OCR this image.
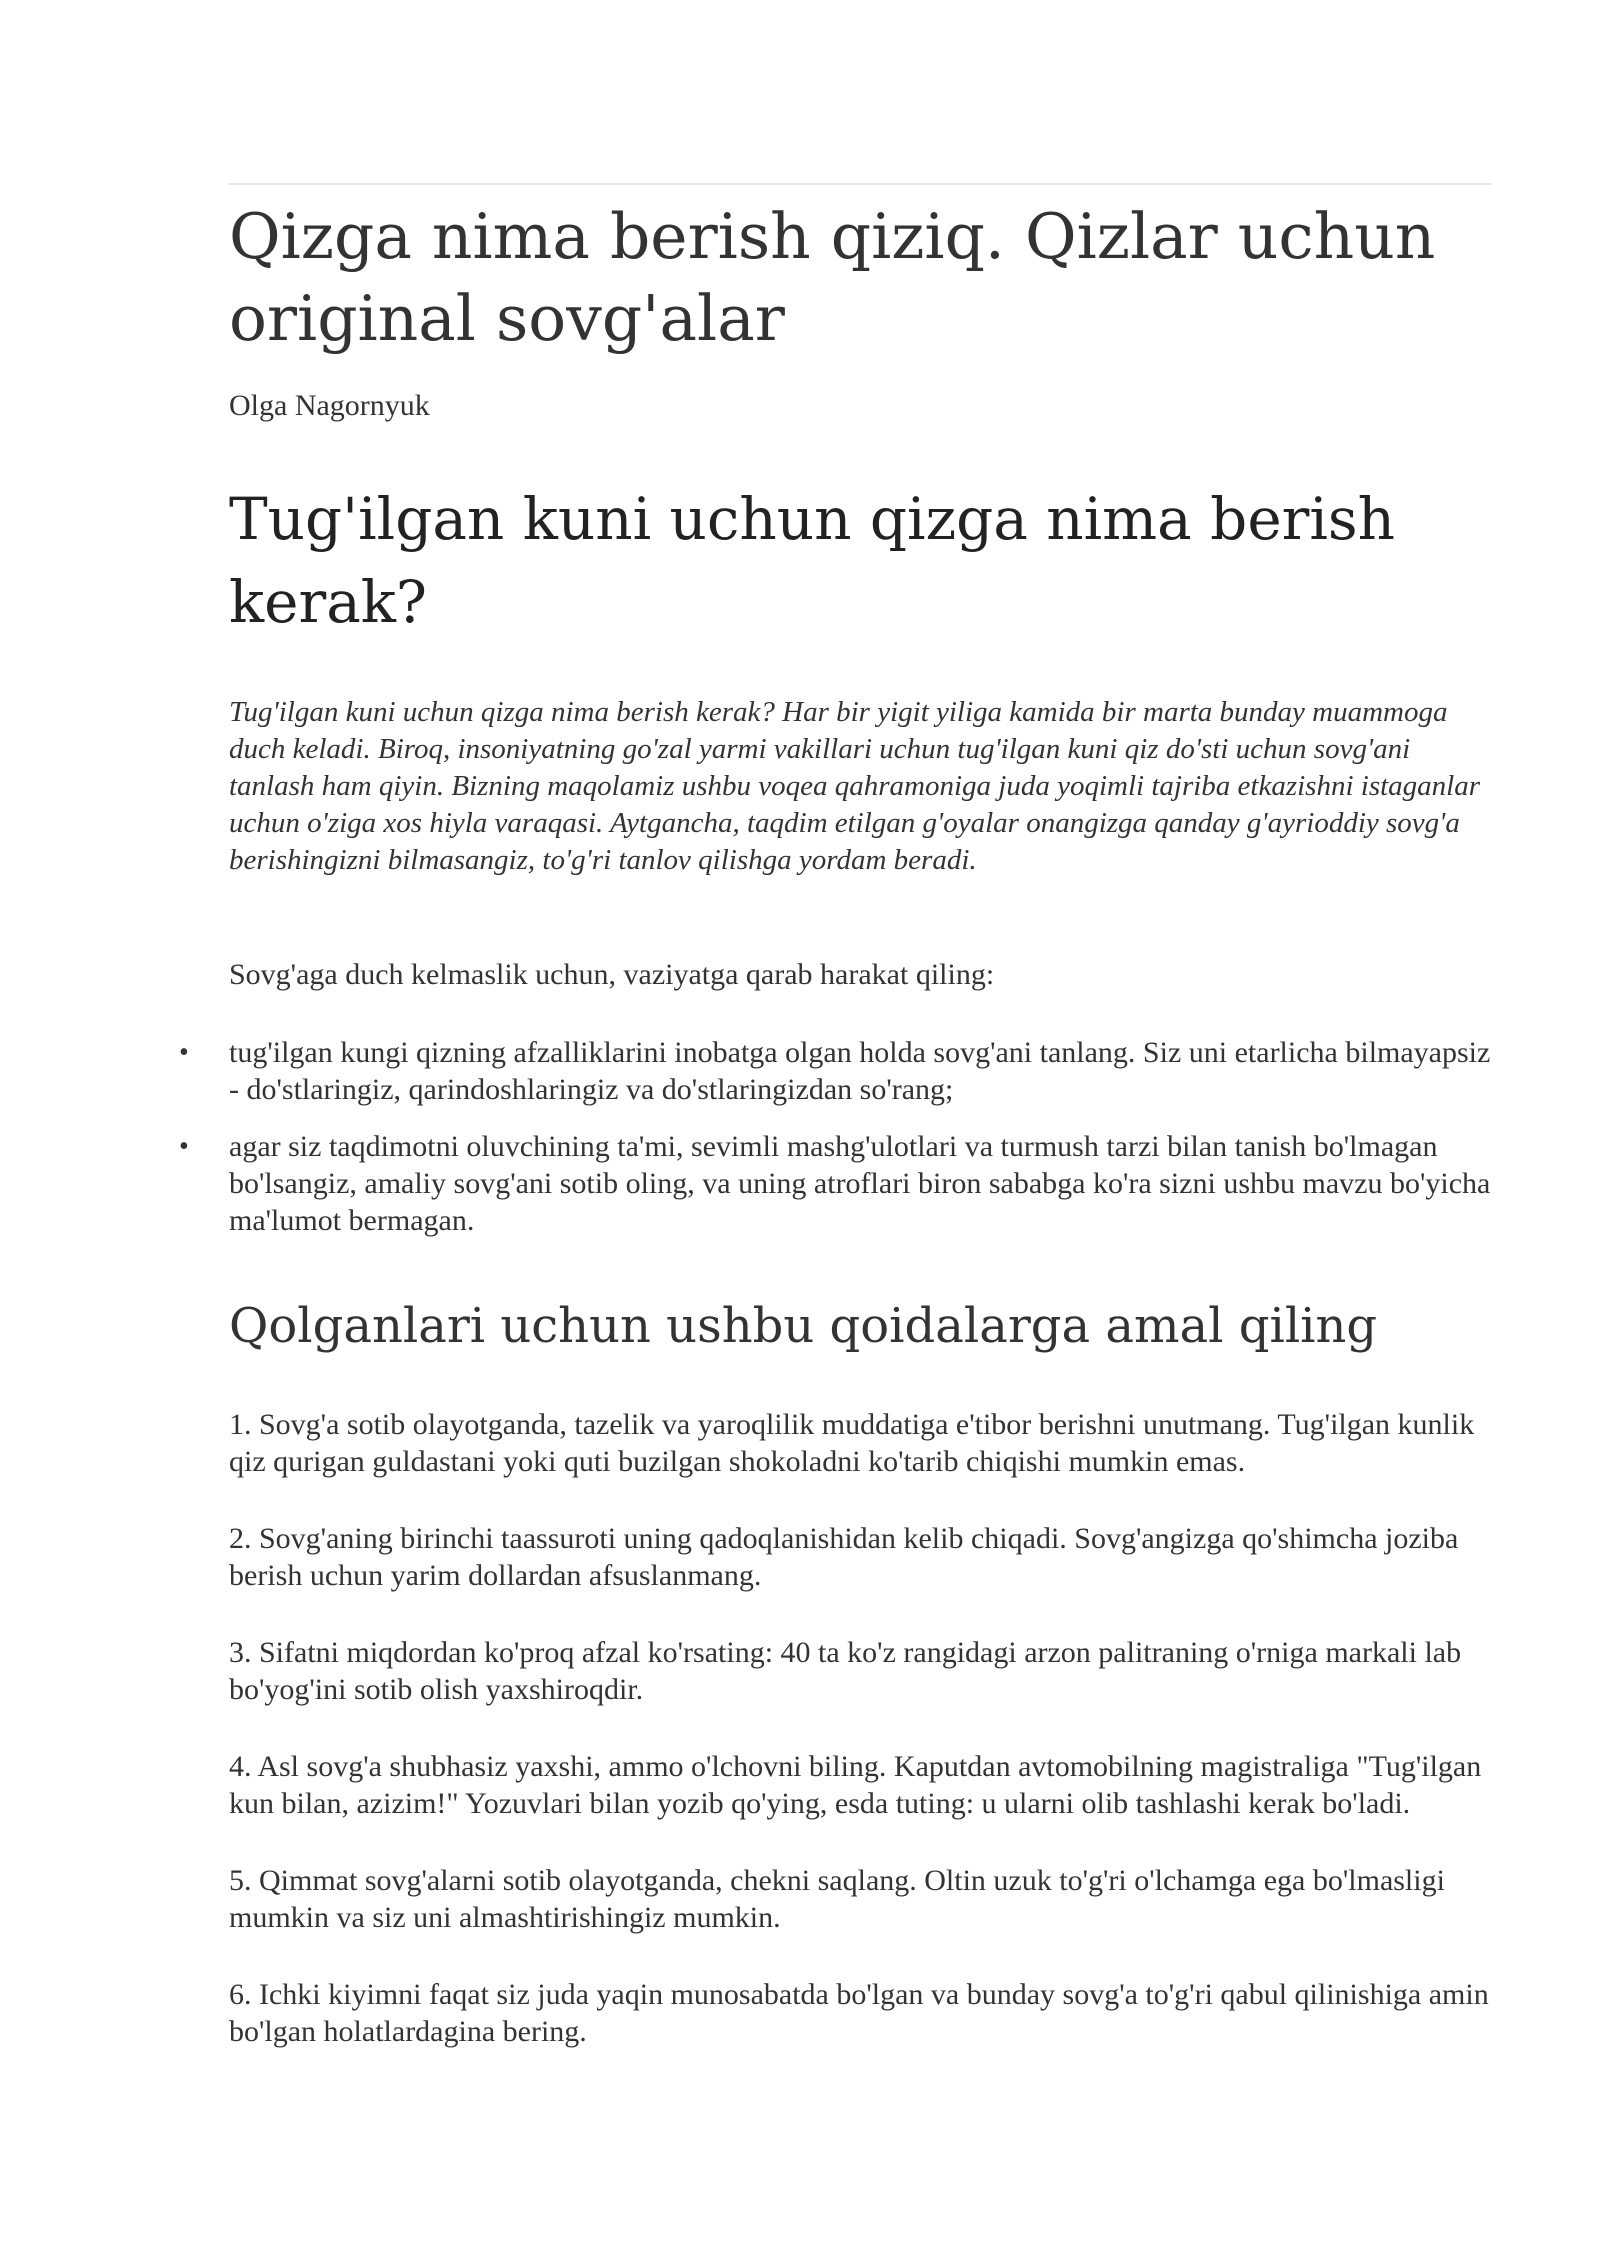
Qizga nima berish qiziq. Qizlar uchun original sovg'alar

Olga Nagornyuk

Tug'ilgan kuni uchun qizga nima berish kerak?

Tug'ilgan kuni uchun qizga nima berish kerak? Har bir yigit yiliga kamida bir marta bunday muammoga duch keladi. Biroq, insoniyatning go'zal yarmi vakillari uchun tug'ilgan kuni qiz do'sti uchun sovg'ani tanlash ham qiyin. Bizning maqolamiz ushbu voqea qahramoniga juda yoqimli tajriba etkazishni istaganlar uchun o'ziga xos hiyla varaqasi. Aytgancha, taqdim etilgan g'oyalar onangizga qanday g'ayrioddiy sovg'a berishingizni bilmasangiz, to'g'ri tanlov qilishga yordam beradi.

Sovg'aga duch kelmaslik uchun, vaziyatga qarab harakat qiling:

• tug'ilgan kungi qizning afzalliklarini inobatga olgan holda sovg'ani tanlang. Siz uni etarlicha bilmayapsiz - do'stlaringiz, qarindoshlaringiz va do'stlaringizdan so'rang;
• agar siz taqdimotni oluvchining ta'mi, sevimli mashg'ulotlari va turmush tarzi bilan tanish bo'lmagan bo'lsangiz, amaliy sovg'ani sotib oling, va uning atroflari biron sababga ko'ra sizni ushbu mavzu bo'yicha ma'lumot bermagan.
Qolganlari uchun ushbu qoidalarga amal qiling

1. Sovg'a sotib olayotganda, tazelik va yaroqlilik muddatiga e'tibor berishni unutmang. Tug'ilgan kunlik qiz qurigan guldastani yoki quti buzilgan shokoladni ko'tarib chiqishi mumkin emas.

2. Sovg'aning birinchi taassuroti uning qadoqlanishidan kelib chiqadi. Sovg'angizga qo'shimcha joziba berish uchun yarim dollardan afsuslanmang.

3. Sifatni miqdordan ko'proq afzal ko'rsating: 40 ta ko'z rangidagi arzon palitraning o'rniga markali lab bo'yog'ini sotib olish yaxshiroqdir.

4. Asl sovg'a shubhasiz yaxshi, ammo o'lchovni biling. Kaputdan avtomobilning magistraliga "Tug'ilgan kun bilan, azizim!" Yozuvlari bilan yozib qo'ying, esda tuting: u ularni olib tashlashi kerak bo'ladi.

5. Qimmat sovg'alarni sotib olayotganda, chekni saqlang. Oltin uzuk to'g'ri o'lchamga ega bo'lmasligi mumkin va siz uni almashtirishingiz mumkin.

6. Ichki kiyimni faqat siz juda yaqin munosabatda bo'lgan va bunday sovg'a to'g'ri qabul qilinishiga amin bo'lgan holatlardagina bering.
